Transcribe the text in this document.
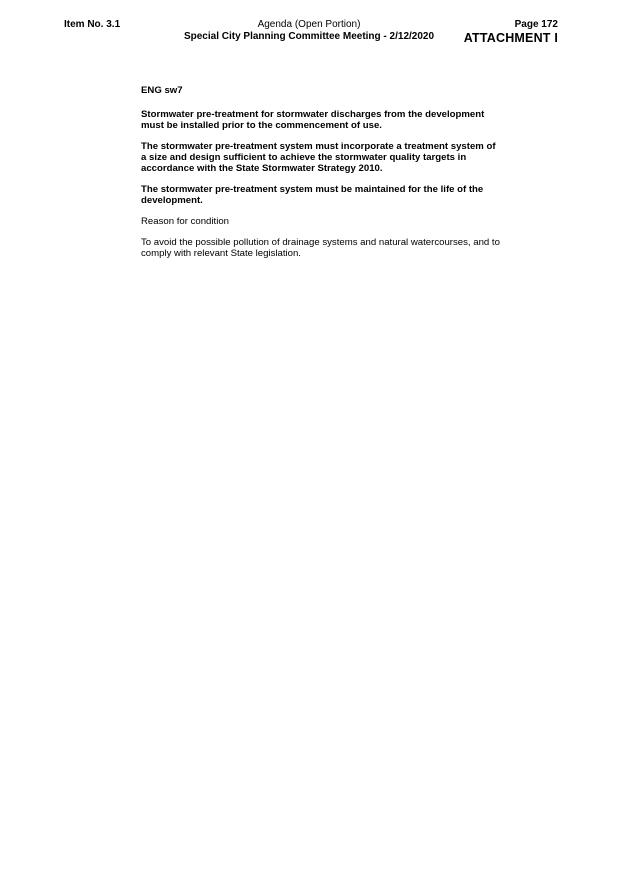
Item No. 3.1	Agenda (Open Portion)
Special City Planning Committee Meeting - 2/12/2020
Page 172
ATTACHMENT I

ENG sw7

Stormwater pre-treatment for stormwater discharges from the development must be installed prior to the commencement of use.

The stormwater pre-treatment system must incorporate a treatment system of a size and design sufficient to achieve the stormwater quality targets in accordance with the State Stormwater Strategy 2010.

The stormwater pre-treatment system must be maintained for the life of the development.

Reason for condition

To avoid the possible pollution of drainage systems and natural watercourses, and to comply with relevant State legislation.
